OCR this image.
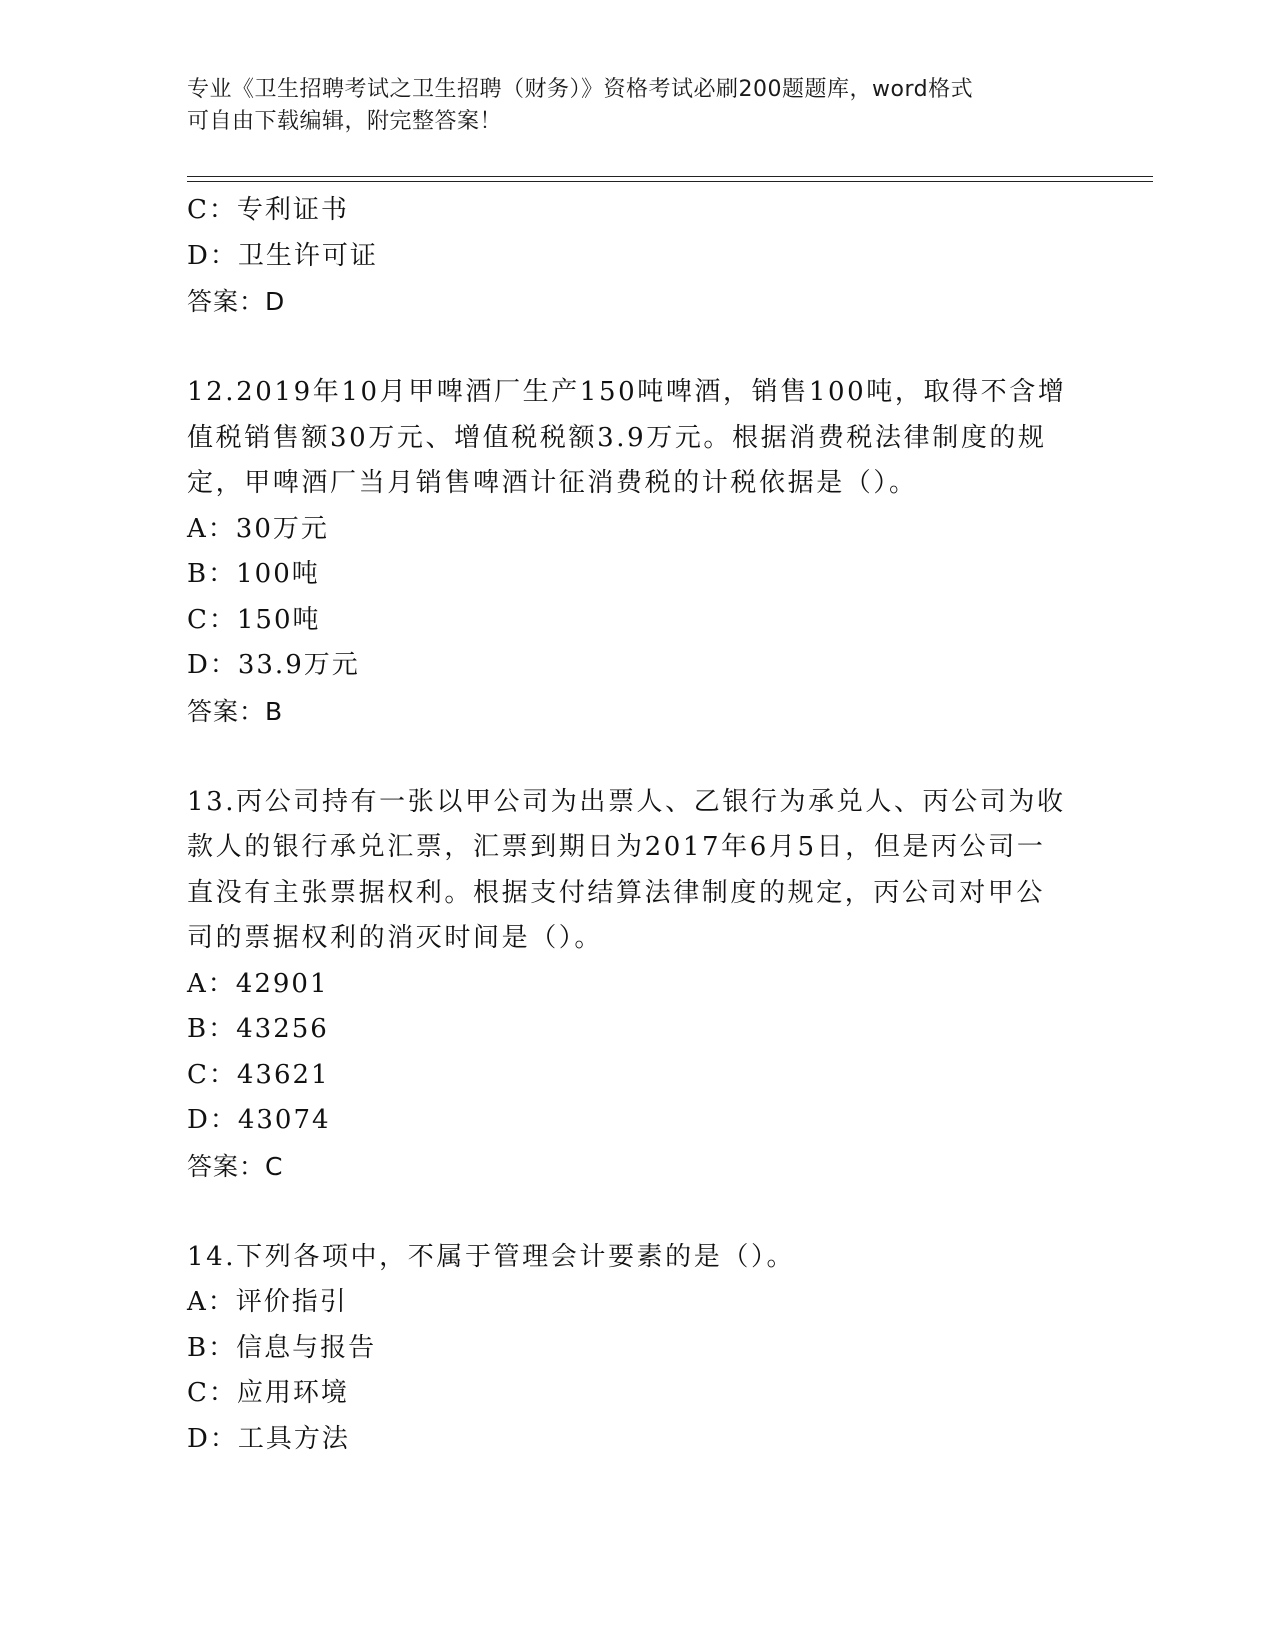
专业《卫生招聘考试之卫生招聘（财务）》资格考试必刷200题题库，word格式
可自由下载编辑，附完整答案！
C：专利证书
D：卫生许可证
答案：D
12.2019年10月甲啤酒厂生产150吨啤酒，销售100吨，取得不含增值税销售额30万元、增值税税额3.9万元。根据消费税法律制度的规定，甲啤酒厂当月销售啤酒计征消费税的计税依据是（）。
A：30万元
B：100吨
C：150吨
D：33.9万元
答案：B
13.丙公司持有一张以甲公司为出票人、乙银行为承兑人、丙公司为收款人的银行承兑汇票，汇票到期日为2017年6月5日，但是丙公司一直没有主张票据权利。根据支付结算法律制度的规定，丙公司对甲公司的票据权利的消灭时间是（）。
A：42901
B：43256
C：43621
D：43074
答案：C
14.下列各项中，不属于管理会计要素的是（）。
A：评价指引
B：信息与报告
C：应用环境
D：工具方法
